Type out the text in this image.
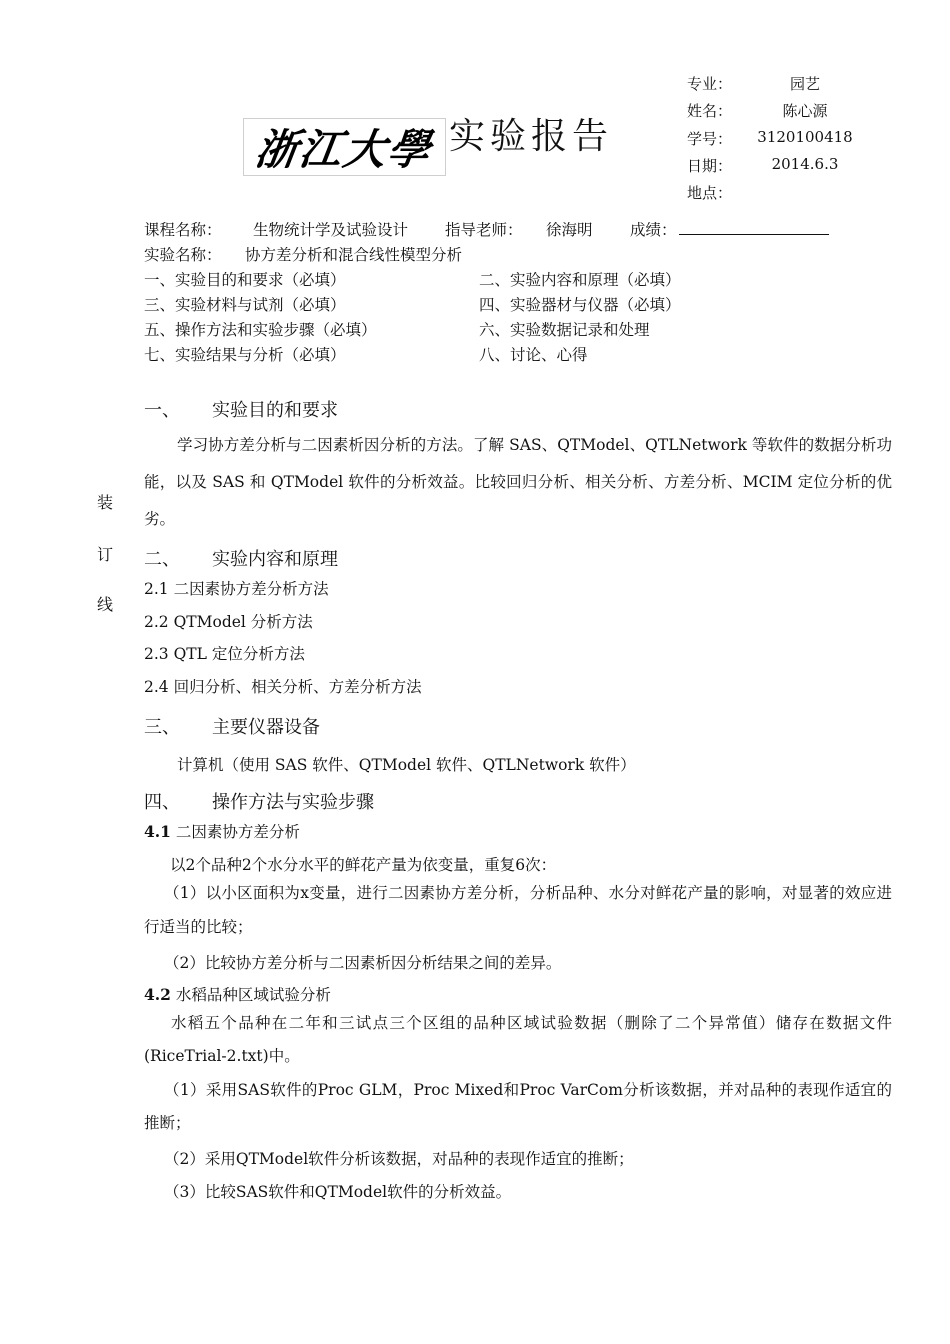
浙江大學 实验报告
专业：	园艺
姓名：	陈心源
学号： 3120100418
日期：	2014.6.3
地点：
课程名称： 生物统计学及试验设计 指导老师： 徐海明 成绩：
实验名称： 协方差分析和混合线性模型分析
一、实验目的和要求（必填）	二、实验内容和原理（必填）
三、实验材料与试剂（必填）	四、实验器材与仪器（必填）
五、操作方法和实验步骤（必填）	六、实验数据记录和处理
七、实验结果与分析（必填）	八、讨论、心得
装
订
线
一、 实验目的和要求

学习协方差分析与二因素析因分析的方法。了解 SAS、QTModel、QTLNetwork 等软件的数据分析功能，以及 SAS 和 QTModel 软件的分析效益。比较回归分析、相关分析、方差分析、MCIM 定位分析的优劣。

二、 实验内容和原理
2.1 二因素协方差分析方法
2.2 QTModel 分析方法
2.3 QTL 定位分析方法
2.4 回归分析、相关分析、方差分析方法
三、 主要仪器设备
计算机（使用 SAS 软件、QTModel 软件、QTLNetwork 软件）
四、 操作方法与实验步骤
4.1 二因素协方差分析
以2个品种2个水分水平的鲜花产量为依变量，重复6次：

（1）以小区面积为x变量，进行二因素协方差分析，分析品种、水分对鲜花产量的影响，对显著的效应进行适当的比较；

（2）比较协方差分析与二因素析因分析结果之间的差异。
4.2 水稻品种区域试验分析

水稻五个品种在二年和三试点三个区组的品种区域试验数据（删除了二个异常值）储存在数据文件(RiceTrial-2.txt)中。

（1）采用SAS软件的Proc GLM，Proc Mixed和Proc VarCom分析该数据，并对品种的表现作适宜的推断；

（2）采用QTModel软件分析该数据，对品种的表现作适宜的推断；
（3）比较SAS软件和QTModel软件的分析效益。
